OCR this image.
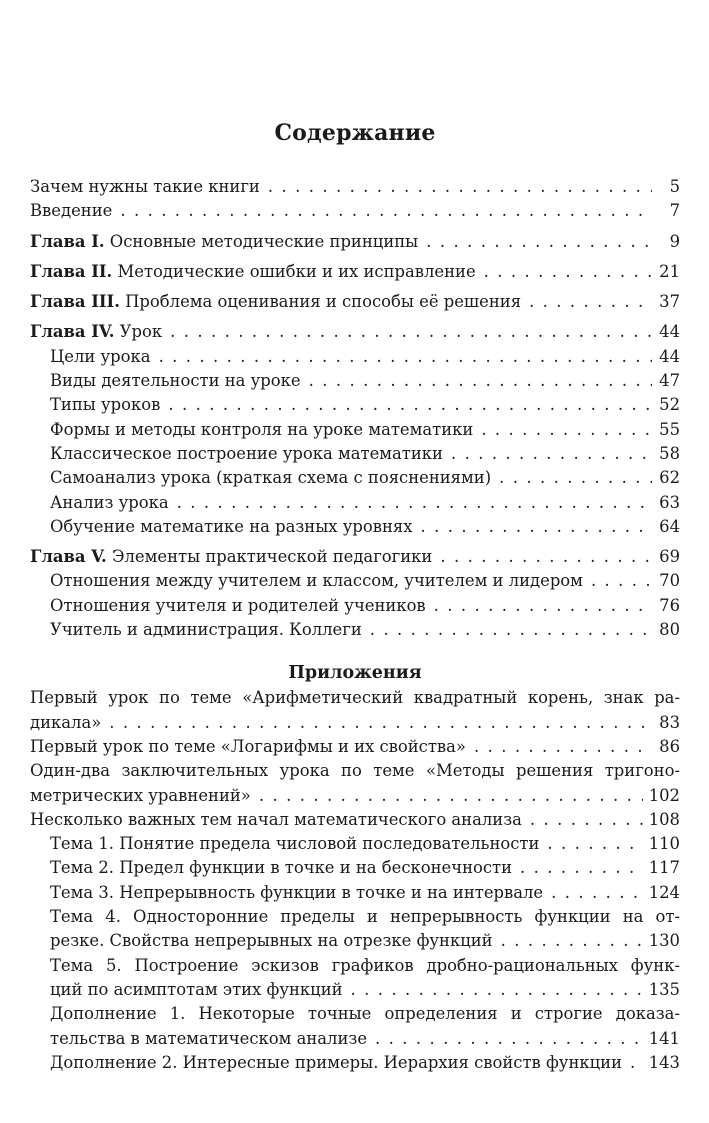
Содержание
Зачем нужны такие книги . . .	5
Введение . . .	7
Глава I. Основные методические принципы . . .	9
Глава II. Методические ошибки и их исправление . . .	21
Глава III. Проблема оценивания и способы её решения . . .	37
Глава IV. Урок . . .	44
Цели урока . . .	44
Виды деятельности на уроке . . .	47
Типы уроков . . .	52
Формы и методы контроля на уроке математики . . .	55
Классическое построение урока математики . . .	58
Самоанализ урока (краткая схема с пояснениями) . . .	62
Анализ урока . . .	63
Обучение математике на разных уровнях . . .	64
Глава V. Элементы практической педагогики . . .	69
Отношения между учителем и классом, учителем и лидером . . .	70
Отношения учителя и родителей учеников . . .	76
Учитель и администрация. Коллеги . . .	80
Приложения
Первый урок по теме «Арифметический квадратный корень, знак ра-
дикала» . . .	83
Первый урок по теме «Логарифмы и их свойства» . . .	86
Один-два заключительных урока по теме «Методы решения тригоно-
метрических уравнений» . . .	102
Несколько важных тем начал математического анализа . . .	108
Тема 1. Понятие предела числовой последовательности . . .	110
Тема 2. Предел функции в точке и на бесконечности . . .	117
Тема 3. Непрерывность функции в точке и на интервале . . .	124
Тема 4. Односторонние пределы и непрерывность функции на от-
резке. Свойства непрерывных на отрезке функций . . .	130
Тема 5. Построение эскизов графиков дробно-рациональных функ-
ций по асимптотам этих функций . . .	135
Дополнение 1. Некоторые точные определения и строгие доказа-
тельства в математическом анализе . . .	141
Дополнение 2. Интересные примеры. Иерархия свойств функции . . . 143
